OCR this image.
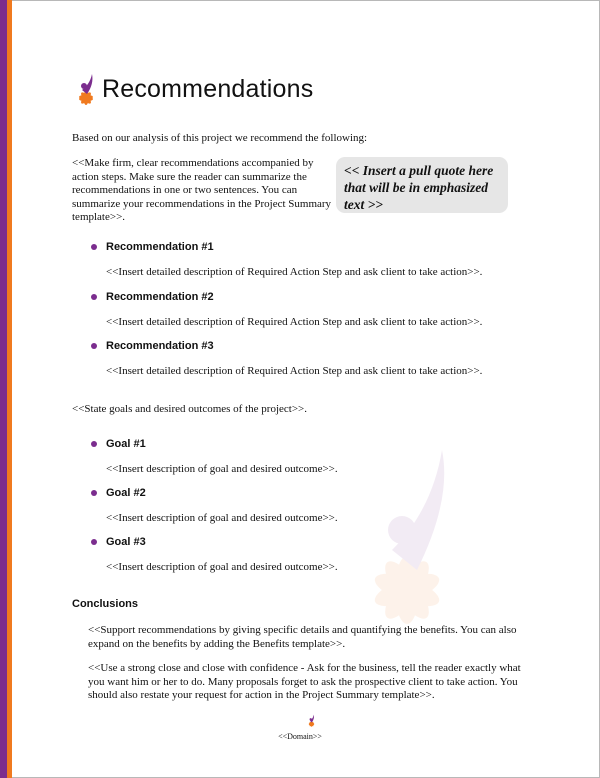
Recommendations
Based on our analysis of this project we recommend the following:
<<Make firm, clear recommendations accompanied by action steps. Make sure the reader can summarize the recommendations in one or two sentences. You can summarize your recommendations in the Project Summary template>>.
<< Insert a pull quote here that will be in emphasized text >>
Recommendation #1
<<Insert detailed description of Required Action Step and ask client to take action>>.
Recommendation #2
<<Insert detailed description of Required Action Step and ask client to take action>>.
Recommendation #3
<<Insert detailed description of Required Action Step and ask client to take action>>.
<<State goals and desired outcomes of the project>>.
Goal #1
<<Insert description of goal and desired outcome>>.
Goal #2
<<Insert description of goal and desired outcome>>.
Goal #3
<<Insert description of goal and desired outcome>>.
Conclusions
<<Support recommendations by giving specific details and quantifying the benefits. You can also expand on the benefits by adding the Benefits template>>.
<<Use a strong close and close with confidence - Ask for the business, tell the reader exactly what you want him or her to do. Many proposals forget to ask the prospective client to take action. You should also restate your request for action in the Project Summary template>>.
<<Domain>>
